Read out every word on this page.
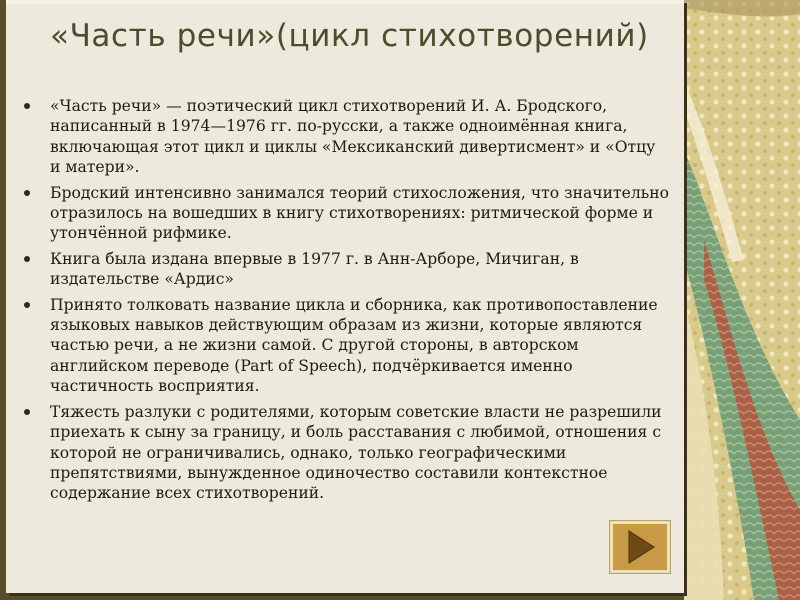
«Часть речи»(цикл стихотворений)
«Часть речи» — поэтический цикл стихотворений И. А. Бродского, написанный в 1974—1976 гг. по-русски, а также одноимённая книга, включающая этот цикл и циклы «Мексиканский дивертисмент» и «Отцу и матери».
Бродский интенсивно занимался теорий стихосложения, что значительно отразилось на вошедших в книгу стихотворениях: ритмической форме и утончённой рифмике.
Книга была издана впервые в 1977 г. в Анн-Арборе, Мичиган, в издательстве «Ардис»
Принято толковать название цикла и сборника, как противопоставление языковых навыков действующим образам из жизни, которые являются частью речи, а не жизни самой. С другой стороны, в авторском английском переводе (Part of Speech), подчёркивается именно частичность восприятия.
Тяжесть разлуки с родителями, которым советские власти не разрешили приехать к сыну за границу, и боль расставания с любимой, отношения с которой не ограничивались, однако, только географическими препятствиями, вынужденное одиночество составили контекстное содержание всех стихотворений.
